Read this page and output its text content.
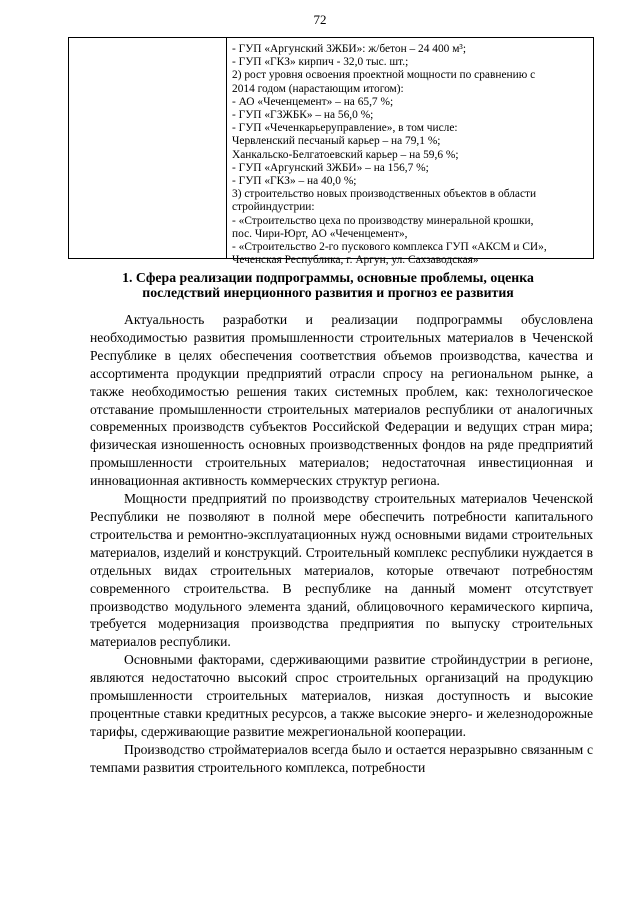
72
- ГУП «Аргунский ЗЖБИ»: ж/бетон – 24 400 м³;
- ГУП «ГКЗ» кирпич - 32,0 тыс. шт.;
2) рост уровня освоения проектной мощности по сравнению с
2014 годом (нарастающим итогом):
- АО «Чеченцемент» – на 65,7 %;
- ГУП «ГЗЖБК» – на 56,0 %;
- ГУП «Чеченкарьеруправление», в том числе:
Червленский песчаный карьер – на 79,1 %;
Ханкальско-Белгатоевский карьер – на 59,6 %;
- ГУП «Аргунский ЗЖБИ» – на 156,7 %;
- ГУП «ГКЗ» – на 40,0 %;
3) строительство новых производственных объектов в области
стройиндустрии:
- «Строительство цеха по производству минеральной крошки,
пос. Чири-Юрт, АО «Чеченцемент»,
- «Строительство 2-го пускового комплекса ГУП «АКСМ и СИ»,
Чеченская Республика, г. Аргун, ул. Сахзаводская»
1. Сфера реализации подпрограммы, основные проблемы, оценка
последствий инерционного развития и прогноз ее развития

Актуальность разработки и реализации подпрограммы обусловлена необходимостью развития промышленности строительных материалов в Чеченской Республике в целях обеспечения соответствия объемов производства, качества и ассортимента продукции предприятий отрасли спросу на региональном рынке, а также необходимостью решения таких системных проблем, как: технологическое отставание промышленности строительных материалов республики от аналогичных современных производств субъектов Российской Федерации и ведущих стран мира; физическая изношенность основных производственных фондов на ряде предприятий промышленности строительных материалов; недостаточная инвестиционная и инновационная активность коммерческих структур региона.

Мощности предприятий по производству строительных материалов Чеченской Республики не позволяют в полной мере обеспечить потребности капитального строительства и ремонтно-эксплуатационных нужд основными видами строительных материалов, изделий и конструкций. Строительный комплекс республики нуждается в отдельных видах строительных материалов, которые отвечают потребностям современного строительства. В республике на данный момент отсутствует производство модульного элемента зданий, облицовочного керамического кирпича, требуется модернизация производства предприятия по выпуску строительных материалов республики.

Основными факторами, сдерживающими развитие стройиндустрии в регионе, являются недостаточно высокий спрос строительных организаций на продукцию промышленности строительных материалов, низкая доступность и высокие процентные ставки кредитных ресурсов, а также высокие энерго- и железнодорожные тарифы, сдерживающие развитие межрегиональной кооперации.

Производство стройматериалов всегда было и остается неразрывно связанным с темпами развития строительного комплекса, потребности
